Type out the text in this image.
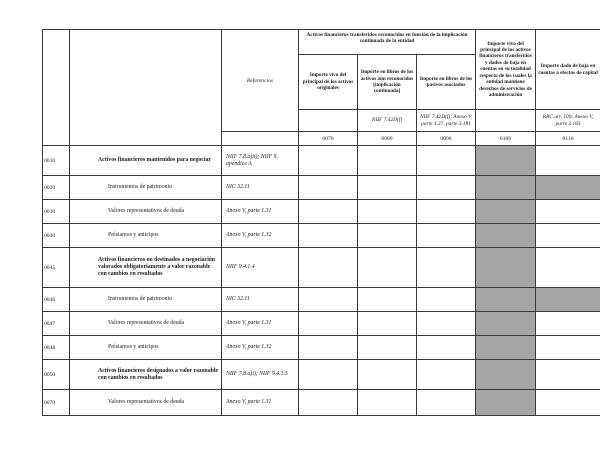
		Referencias	Activos financieros transferidos reconocidos en función de la implicación continuada de la entidad			Importe vivo del principal de los activos financieros transferidos y dados de baja en cuentas en su totalidad respecto de los cuales la entidad mantiene derechos de servicios de administración	Importe dado de baja en cuentas a efectos de capital
			Importe vivo del principal de los activos originales	Importe en libros de los activos aún reconocidos [implicación continuada]	Importe en libros de los pasivos asociados		
				NIIF 7.42D(f)	NIIF 7.42D(f); Anexo V, parte 1.27, parte 3.181		RRC art. 109; Anexo V, parte 3.183
			0070	0080	0090	0100	0110
0010	Activos financieros mantenidos para negociar	NIIF 7.8.a)ii); NIIF 9, apéndice A					
0020	Instrumentos de patrimonio	NIC 32.11					
0030	Valores representativos de deuda	Anexo V, parte 1.31					
0040	Préstamos y anticipos	Anexo V, parte 1.32					
0045	Activos financieros no destinados a negociación valorados obligatoriamente a valor razonable con cambios en resultados	NIIF 9.4.1.4					
0046	Instrumentos de patrimonio	NIC 32.11					
0047	Valores representativos de deuda	Anexo V, parte 1.31					
0048	Préstamos y anticipos	Anexo V, parte 1.32					
0050	Activos financieros designados a valor razonable con cambios en resultados	NIIF 7.8.a)i); NIIF 9.4.1.5					
0070	Valores representativos de deuda	Anexo V, parte 1.31					
